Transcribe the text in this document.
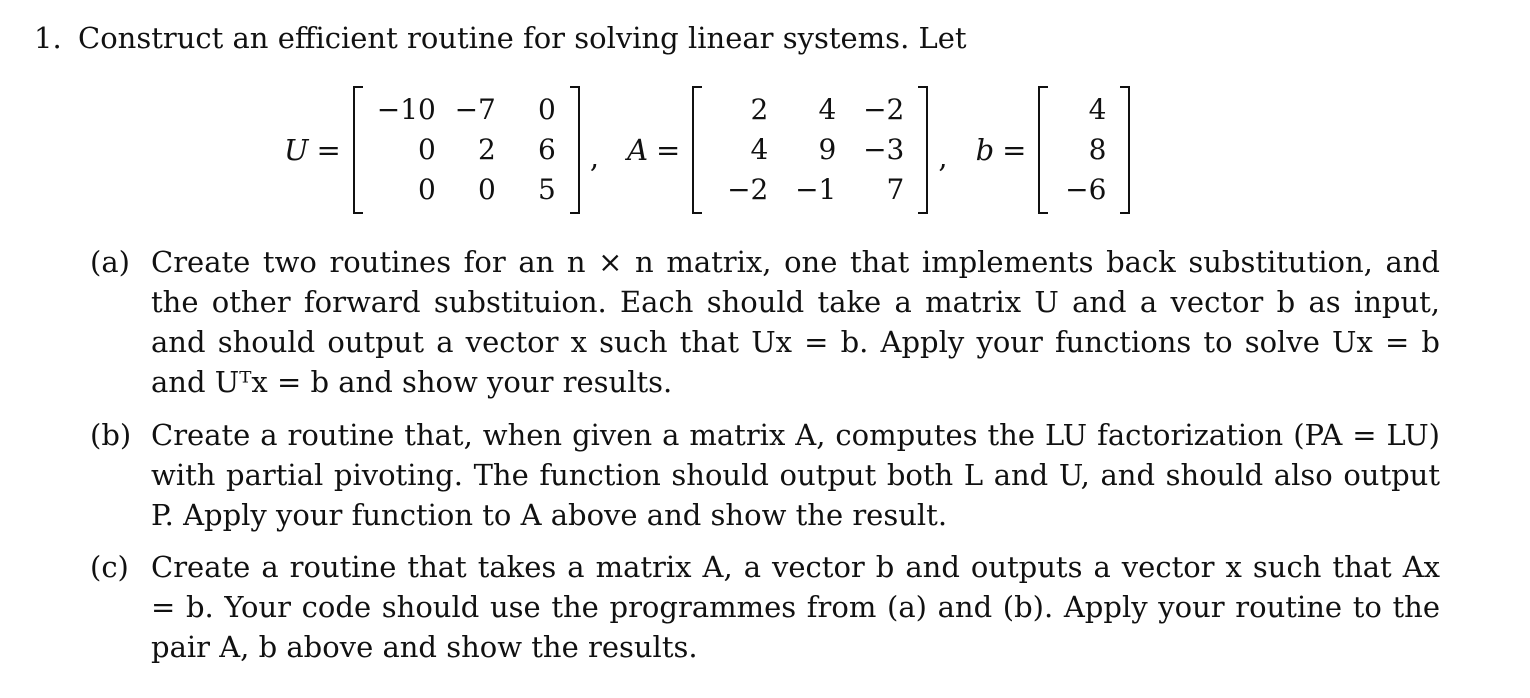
1. Construct an efficient routine for solving linear systems. Let
U =
−10 −7	0
0	2	6
0	0	5
, A =
2	4 −2
4	9 −3
−2 −1	7
, b =
4
8
−6
(a) Create two routines for an n × n matrix, one that implements back substitution, and the other forward substituion. Each should take a matrix U and a vector b as input, and should output a vector x such that Ux = b. Apply your functions to solve Ux = b and Uᵀx = b and show your results.
(b) Create a routine that, when given a matrix A, computes the LU factorization (PA = LU) with partial pivoting. The function should output both L and U, and should also output P. Apply your function to A above and show the result.
(c) Create a routine that takes a matrix A, a vector b and outputs a vector x such that Ax = b. Your code should use the programmes from (a) and (b). Apply your routine to the pair A, b above and show the results.
